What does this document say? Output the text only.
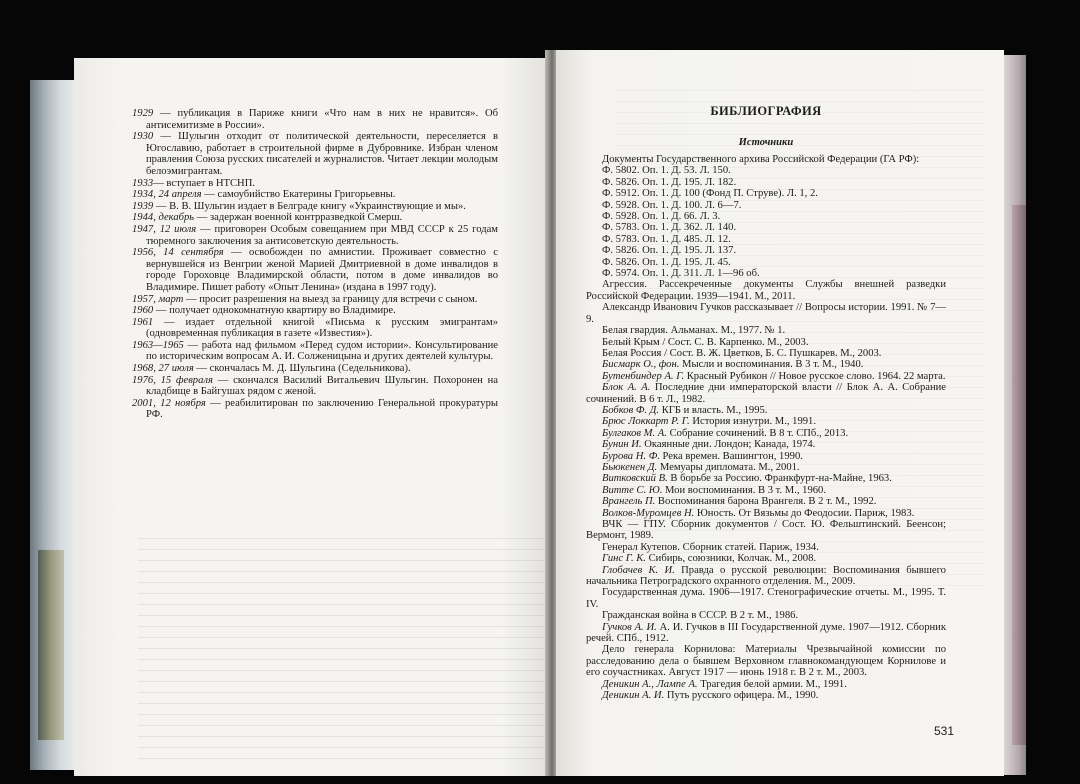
1929 — публикация в Париже книги «Что нам в них не нравится». Об антисемитизме в России».

1930 — Шульгин отходит от политической деятельности, переселяется в Югославию, работает в строительной фирме в Дубровнике. Избран членом правления Союза русских писателей и журналистов. Читает лекции молодым белоэмигрантам.

1933— вступает в НТСНП.

1934, 24 апреля — самоубийство Екатерины Григорьевны.

1939 — В. В. Шульгин издает в Белграде книгу «Украинствующие и мы».

1944, декабрь — задержан военной контрразведкой Смерш.

1947, 12 июля — приговорен Особым совещанием при МВД СССР к 25 годам тюремного заключения за антисоветскую деятельность.

1956, 14 сентября — освобожден по амнистии. Проживает совместно с вернувшейся из Венгрии женой Марией Дмитриевной в доме инвалидов в городе Гороховце Владимирской области, потом в доме инвалидов во Владимире. Пишет работу «Опыт Ленина» (издана в 1997 году).

1957, март — просит разрешения на выезд за границу для встречи с сыном.

1960 — получает однокомнатную квартиру во Владимире.

1961 — издает отдельной книгой «Письма к русским эмигрантам» (одновременная публикация в газете «Известия»).

1963—1965 — работа над фильмом «Перед судом истории». Консультирование по историческим вопросам А. И. Солженицына и других деятелей культуры.

1968, 27 июля — скончалась М. Д. Шульгина (Седельникова).

1976, 15 февраля — скончался Василий Витальевич Шульгин. Похоронен на кладбище в Байгушах рядом с женой.

2001, 12 ноября — реабилитирован по заключению Генеральной прокуратуры РФ.

БИБЛИОГРАФИЯ
Источники

Документы Государственного архива Российской Федерации (ГА РФ):

Ф. 5802. Оп. 1. Д. 53. Л. 150.

Ф. 5826. Оп. 1. Д. 195. Л. 182.

Ф. 5912. Оп. 1. Д. 100 (Фонд П. Струве). Л. 1, 2.

Ф. 5928. Оп. 1. Д. 100. Л. 6—7.

Ф. 5928. Оп. 1. Д. 66. Л. 3.

Ф. 5783. Оп. 1. Д. 362. Л. 140.

Ф. 5783. Оп. 1. Д. 485. Л. 12.

Ф. 5826. Оп. 1. Д. 195. Л. 137.

Ф. 5826. Оп. 1. Д. 195. Л. 45.

Ф. 5974. Оп. 1. Д. 311. Л. 1—96 об.

Агрессия. Рассекреченные документы Службы внешней разведки Российской Федерации. 1939—1941. М., 2011.

Александр Иванович Гучков рассказывает // Вопросы истории. 1991. № 7—9.

Белая гвардия. Альманах. М., 1977. № 1.

Белый Крым / Сост. С. В. Карпенко. М., 2003.

Белая Россия / Сост. В. Ж. Цветков, Б. С. Пушкарев. М., 2003.

Бисмарк О., фон. Мысли и воспоминания. В 3 т. М., 1940.

Бутенбиндер А. Г. Красный Рубикон // Новое русское слово. 1964. 22 марта.

Блок А. А. Последние дни императорской власти // Блок А. А. Собрание сочинений. В 6 т. Л., 1982.

Бобков Ф. Д. КГБ и власть. М., 1995.

Брюс Локкарт Р. Г. История изнутри. М., 1991.

Булгаков М. А. Собрание сочинений. В 8 т. СПб., 2013.

Бунин И. Окаянные дни. Лондон; Канада, 1974.

Бурова Н. Ф. Река времен. Вашингтон, 1990.

Бьюкенен Д. Мемуары дипломата. М., 2001.

Витковский В. В борьбе за Россию. Франкфурт-на-Майне, 1963.

Витте С. Ю. Мои воспоминания. В 3 т. М., 1960.

Врангель П. Воспоминания барона Врангеля. В 2 т. М., 1992.

Волков-Муромцев Н. Юность. От Вязьмы до Феодосии. Париж, 1983.

ВЧК — ГПУ. Сборник документов / Сост. Ю. Фельштинский. Беенсон; Вермонт, 1989.

Генерал Кутепов. Сборник статей. Париж, 1934.

Гинс Г. К. Сибирь, союзники, Колчак. М., 2008.

Глобачев К. И. Правда о русской революции: Воспоминания бывшего начальника Петроградского охранного отделения. М., 2009.

Государственная дума. 1906—1917. Стенографические отчеты. М., 1995. Т. IV.

Гражданская война в СССР. В 2 т. М., 1986.

Гучков А. И. А. И. Гучков в III Государственной думе. 1907—1912. Сборник речей. СПб., 1912.

Дело генерала Корнилова: Материалы Чрезвычайной комиссии по расследованию дела о бывшем Верховном главнокомандующем Корнилове и его соучастниках. Август 1917 — июнь 1918 г. В 2 т. М., 2003.

Деникин А., Лампе А. Трагедия белой армии. М., 1991.

Деникин А. И. Путь русского офицера. М., 1990.

531
